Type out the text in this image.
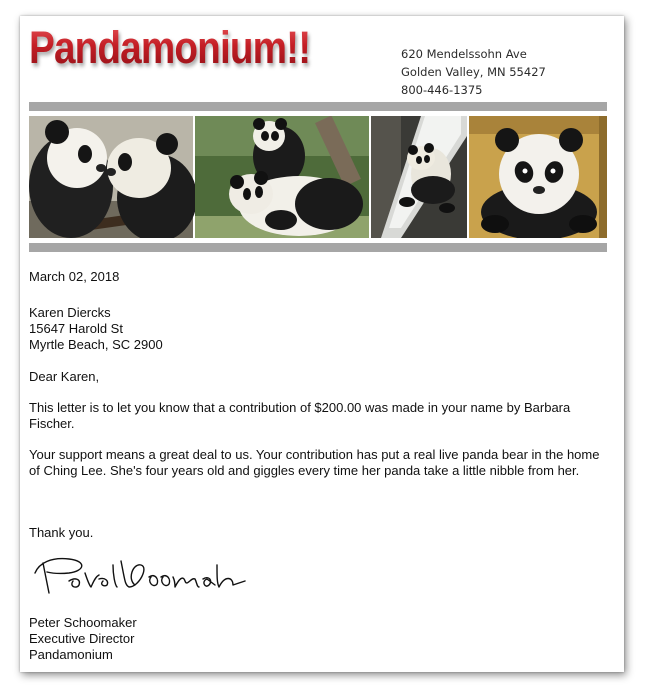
Pandamonium!!	620 Mendelssohn Ave
Golden Valley, MN 55427
800-446-1375
March 02, 2018
Karen Diercks
15647 Harold St
Myrtle Beach, SC 2900
Dear Karen,

This letter is to let you know that a contribution of $200.00 was made in your name by Barbara Fischer.

Your support means a great deal to us. Your contribution has put a real live panda bear in the home of Ching Lee. She's four years old and giggles every time her panda take a little nibble from her.

Thank you.
Peter Schoomaker
Executive Director
Pandamonium
